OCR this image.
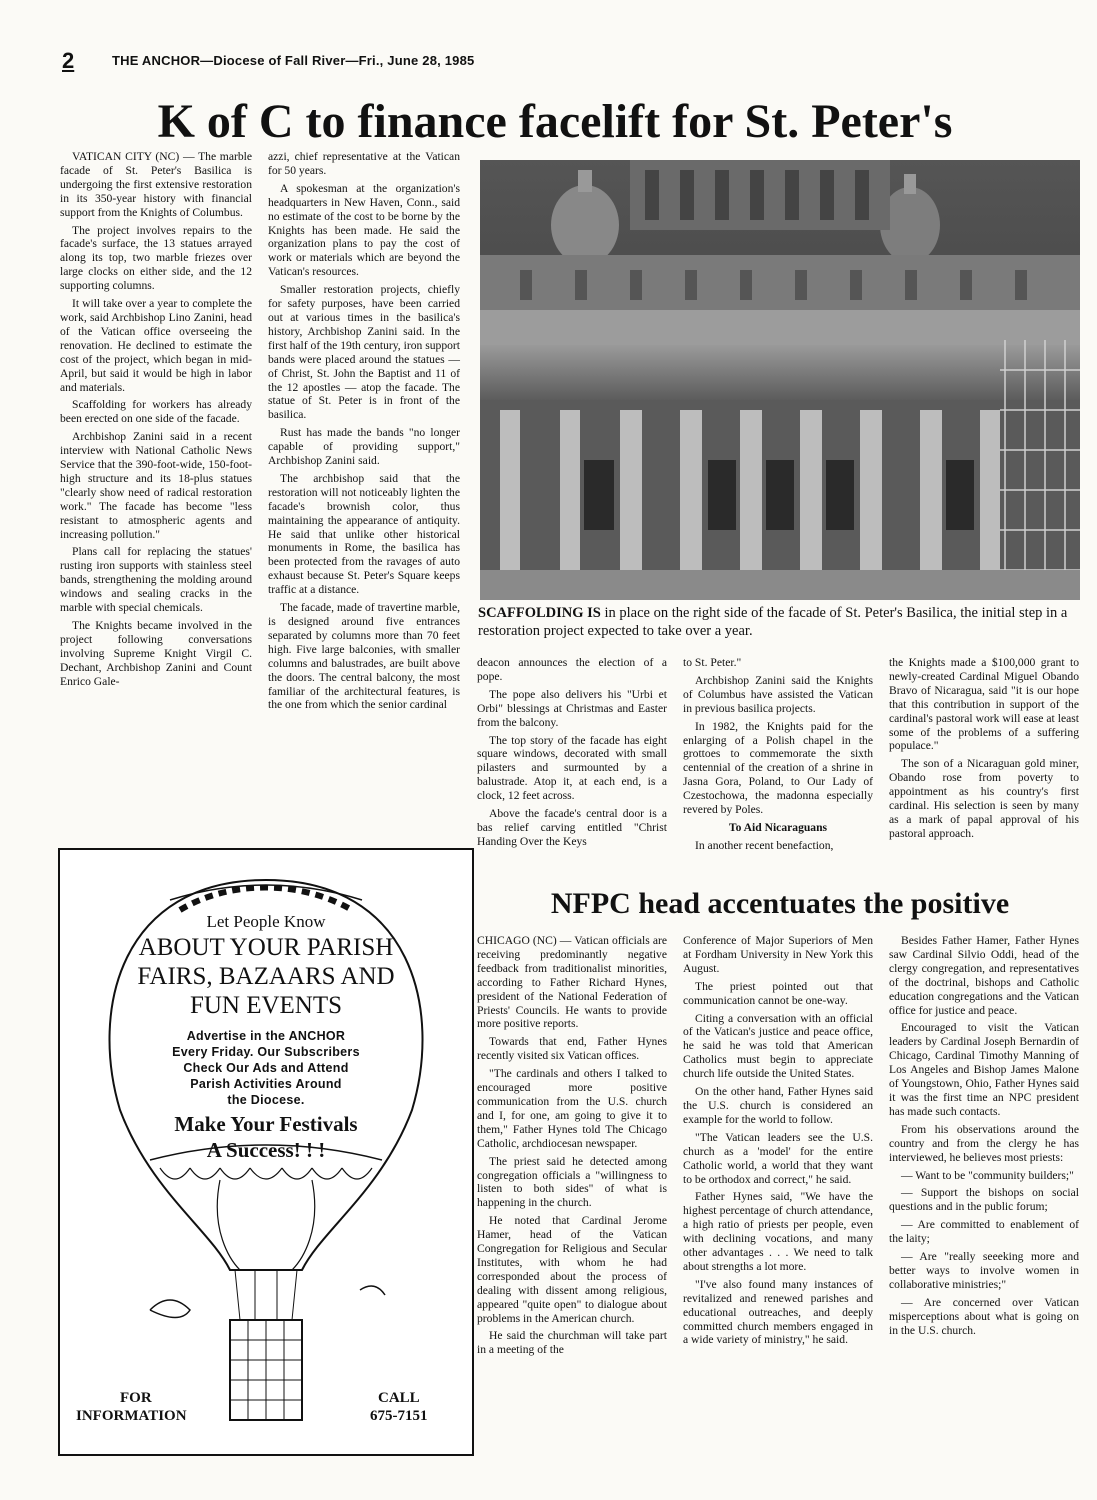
2	THE ANCHOR—Diocese of Fall River—Fri., June 28, 1985
K of C to finance facelift for St. Peter's

VATICAN CITY (NC) — The marble facade of St. Peter's Basilica is undergoing the first extensive restoration in its 350-year history with financial support from the Knights of Columbus.

The project involves repairs to the facade's surface, the 13 statues arrayed along its top, two marble friezes over large clocks on either side, and the 12 supporting columns.

It will take over a year to complete the work, said Archbishop Lino Zanini, head of the Vatican office overseeing the renovation. He declined to estimate the cost of the project, which began in mid-April, but said it would be high in labor and materials.

Scaffolding for workers has already been erected on one side of the facade.

Archbishop Zanini said in a recent interview with National Catholic News Service that the 390-foot-wide, 150-foot-high structure and its 18-plus statues "clearly show need of radical restoration work." The facade has become "less resistant to atmospheric agents and increasing pollution."

Plans call for replacing the statues' rusting iron supports with stainless steel bands, strengthening the molding around windows and sealing cracks in the marble with special chemicals.

The Knights became involved in the project following conversations involving Supreme Knight Virgil C. Dechant, Archbishop Zanini and Count Enrico Gale-

azzi, chief representative at the Vatican for 50 years.

A spokesman at the organization's headquarters in New Haven, Conn., said no estimate of the cost to be borne by the Knights has been made. He said the organization plans to pay the cost of work or materials which are beyond the Vatican's resources.

Smaller restoration projects, chiefly for safety purposes, have been carried out at various times in the basilica's history, Archbishop Zanini said. In the first half of the 19th century, iron support bands were placed around the statues — of Christ, St. John the Baptist and 11 of the 12 apostles — atop the facade. The statue of St. Peter is in front of the basilica.

Rust has made the bands "no longer capable of providing support," Archbishop Zanini said.

The archbishop said that the restoration will not noticeably lighten the facade's brownish color, thus maintaining the appearance of antiquity. He said that unlike other historical monuments in Rome, the basilica has been protected from the ravages of auto exhaust because St. Peter's Square keeps traffic at a distance.

The facade, made of travertine marble, is designed around five entrances separated by columns more than 70 feet high. Five large balconies, with smaller columns and balustrades, are built above the doors. The central balcony, the most familiar of the architectural features, is the one from which the senior cardinal

SCAFFOLDING IS in place on the right side of the facade of St. Peter's Basilica, the initial step in a restoration project expected to take over a year.

deacon announces the election of a pope.

The pope also delivers his "Urbi et Orbi" blessings at Christmas and Easter from the balcony.

The top story of the facade has eight square windows, decorated with small pilasters and surmounted by a balustrade. Atop it, at each end, is a clock, 12 feet across.

Above the facade's central door is a bas relief carving entitled "Christ Handing Over the Keys

to St. Peter."

Archbishop Zanini said the Knights of Columbus have assisted the Vatican in previous basilica projects.

In 1982, the Knights paid for the enlarging of a Polish chapel in the grottoes to commemorate the sixth centennial of the creation of a shrine in Jasna Gora, Poland, to Our Lady of Czestochowa, the madonna especially revered by Poles.

To Aid Nicaraguans

In another recent benefaction,

the Knights made a $100,000 grant to newly-created Cardinal Miguel Obando Bravo of Nicaragua, said "it is our hope that this contribution in support of the cardinal's pastoral work will ease at least some of the problems of a suffering populace."

The son of a Nicaraguan gold miner, Obando rose from poverty to appointment as his country's first cardinal. His selection is seen by many as a mark of papal approval of his pastoral approach.

Let People Know
ABOUT YOUR PARISH
FAIRS, BAZAARS AND
FUN EVENTS
Advertise in the ANCHOR
Every Friday. Our Subscribers
Check Our Ads and Attend
Parish Activities Around
the Diocese.
Make Your Festivals
A Success! ! !
FOR
INFORMATION
CALL
675-7151
NFPC head accentuates the positive

CHICAGO (NC) — Vatican officials are receiving predominantly negative feedback from traditionalist minorities, according to Father Richard Hynes, president of the National Federation of Priests' Councils. He wants to provide more positive reports.

Towards that end, Father Hynes recently visited six Vatican offices.

"The cardinals and others I talked to encouraged more positive communication from the U.S. church and I, for one, am going to give it to them," Father Hynes told The Chicago Catholic, archdiocesan newspaper.

The priest said he detected among congregation officials a "willingness to listen to both sides" of what is happening in the church.

He noted that Cardinal Jerome Hamer, head of the Vatican Congregation for Religious and Secular Institutes, with whom he had corresponded about the process of dealing with dissent among religious, appeared "quite open" to dialogue about problems in the American church.

He said the churchman will take part in a meeting of the

Conference of Major Superiors of Men at Fordham University in New York this August.

The priest pointed out that communication cannot be one-way.

Citing a conversation with an official of the Vatican's justice and peace office, he said he was told that American Catholics must begin to appreciate church life outside the United States.

On the other hand, Father Hynes said the U.S. church is considered an example for the world to follow.

"The Vatican leaders see the U.S. church as a 'model' for the entire Catholic world, a world that they want to be orthodox and correct," he said.

Father Hynes said, "We have the highest percentage of church attendance, a high ratio of priests per people, even with declining vocations, and many other advantages . . . We need to talk about strengths a lot more.

"I've also found many instances of revitalized and renewed parishes and educational outreaches, and deeply committed church members engaged in a wide variety of ministry," he said.

Besides Father Hamer, Father Hynes saw Cardinal Silvio Oddi, head of the clergy congregation, and representatives of the doctrinal, bishops and Catholic education congregations and the Vatican office for justice and peace.

Encouraged to visit the Vatican leaders by Cardinal Joseph Bernardin of Chicago, Cardinal Timothy Manning of Los Angeles and Bishop James Malone of Youngstown, Ohio, Father Hynes said it was the first time an NPC president has made such contacts.

From his observations around the country and from the clergy he has interviewed, he believes most priests:

— Want to be "community builders;"

— Support the bishops on social questions and in the public forum;

— Are committed to enablement of the laity;

— Are "really seeeking more and better ways to involve women in collaborative ministries;"

— Are concerned over Vatican misperceptions about what is going on in the U.S. church.
